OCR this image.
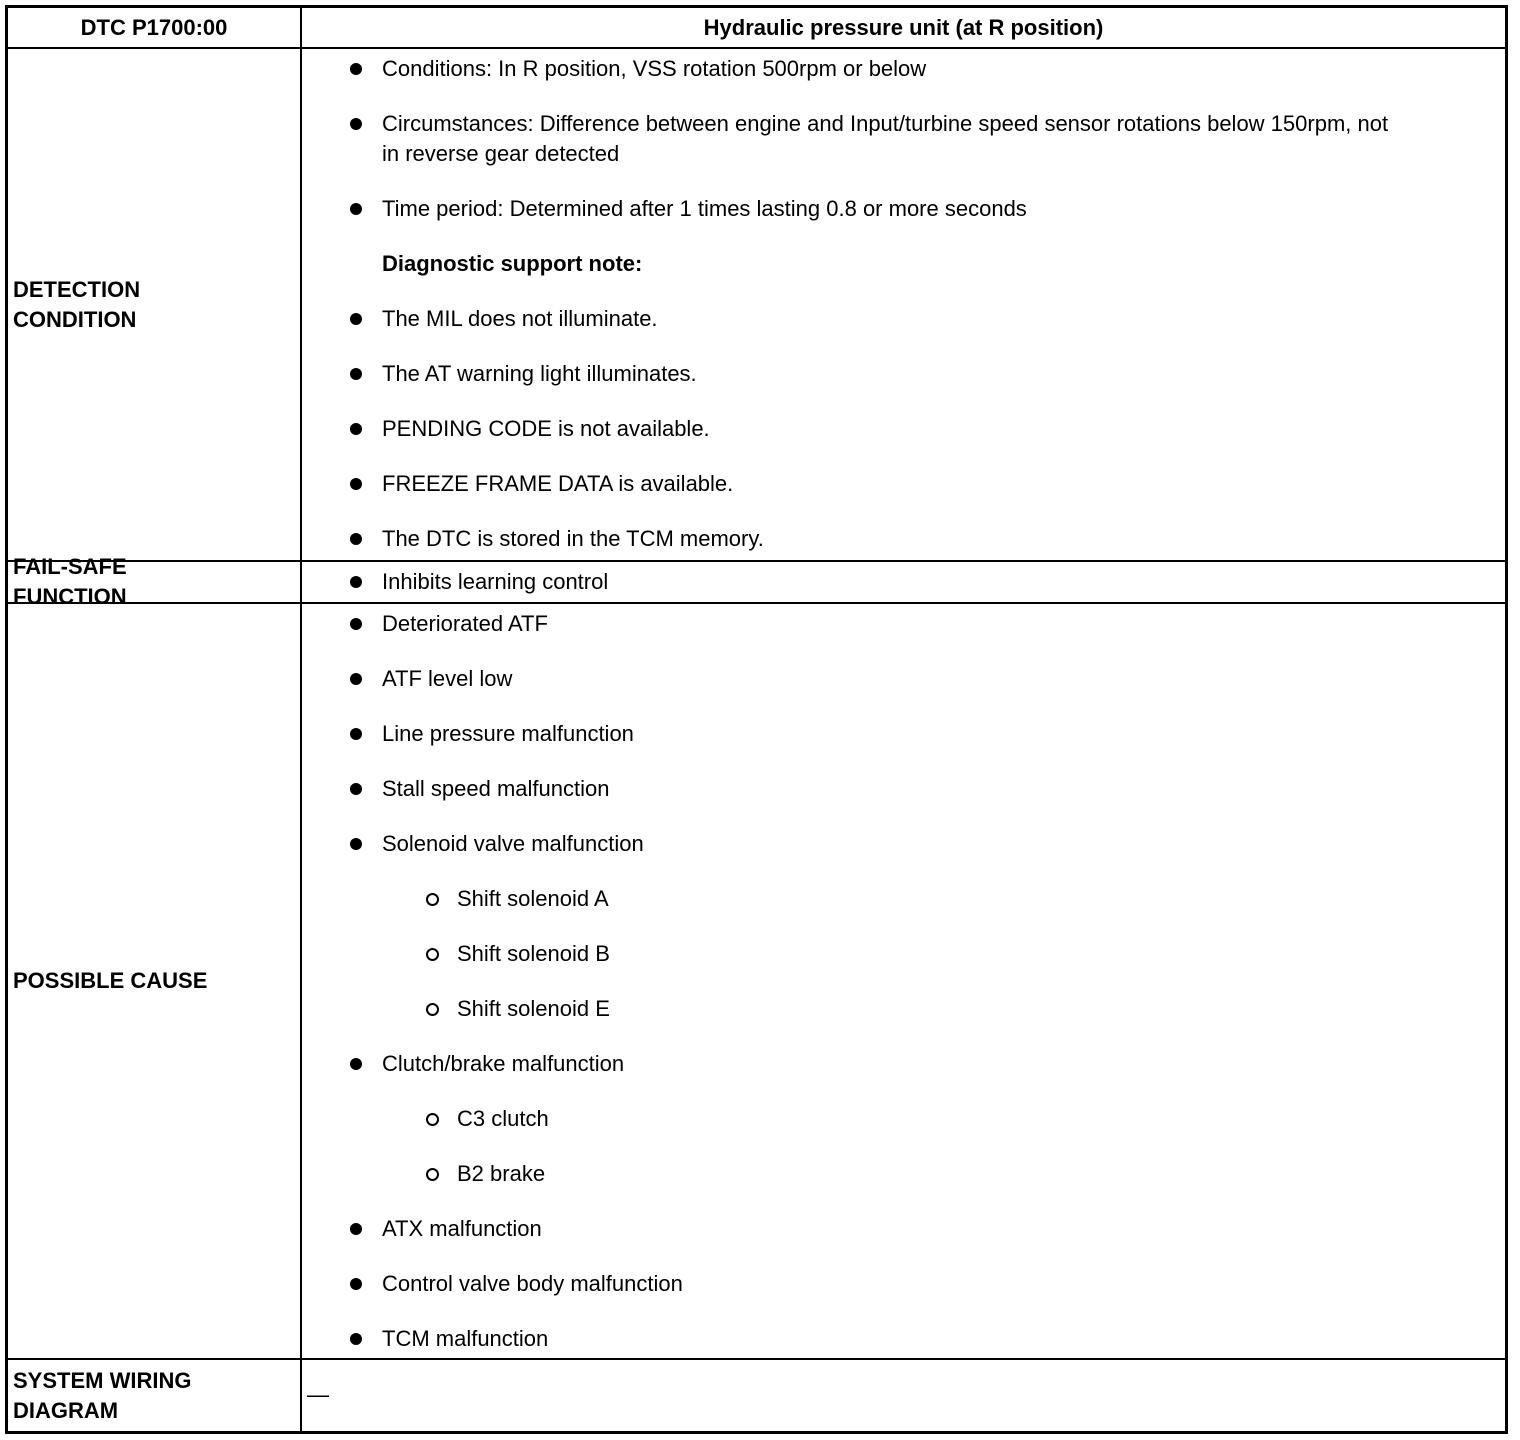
DTC P1700:00	Hydraulic pressure unit (at R position)
DETECTION CONDITION
Conditions: In R position, VSS rotation 500rpm or below
Circumstances: Difference between engine and Input/turbine speed sensor rotations below 150rpm, not in reverse gear detected
Time period: Determined after 1 times lasting 0.8 or more seconds
Diagnostic support note:
The MIL does not illuminate.
The AT warning light illuminates.
PENDING CODE is not available.
FREEZE FRAME DATA is available.
The DTC is stored in the TCM memory.
FAIL-SAFE FUNCTION
Inhibits learning control
POSSIBLE CAUSE
Deteriorated ATF
ATF level low
Line pressure malfunction
Stall speed malfunction
Solenoid valve malfunction
Shift solenoid A
Shift solenoid B
Shift solenoid E
Clutch/brake malfunction
C3 clutch
B2 brake
ATX malfunction
Control valve body malfunction
TCM malfunction
SYSTEM WIRING DIAGRAM
—
